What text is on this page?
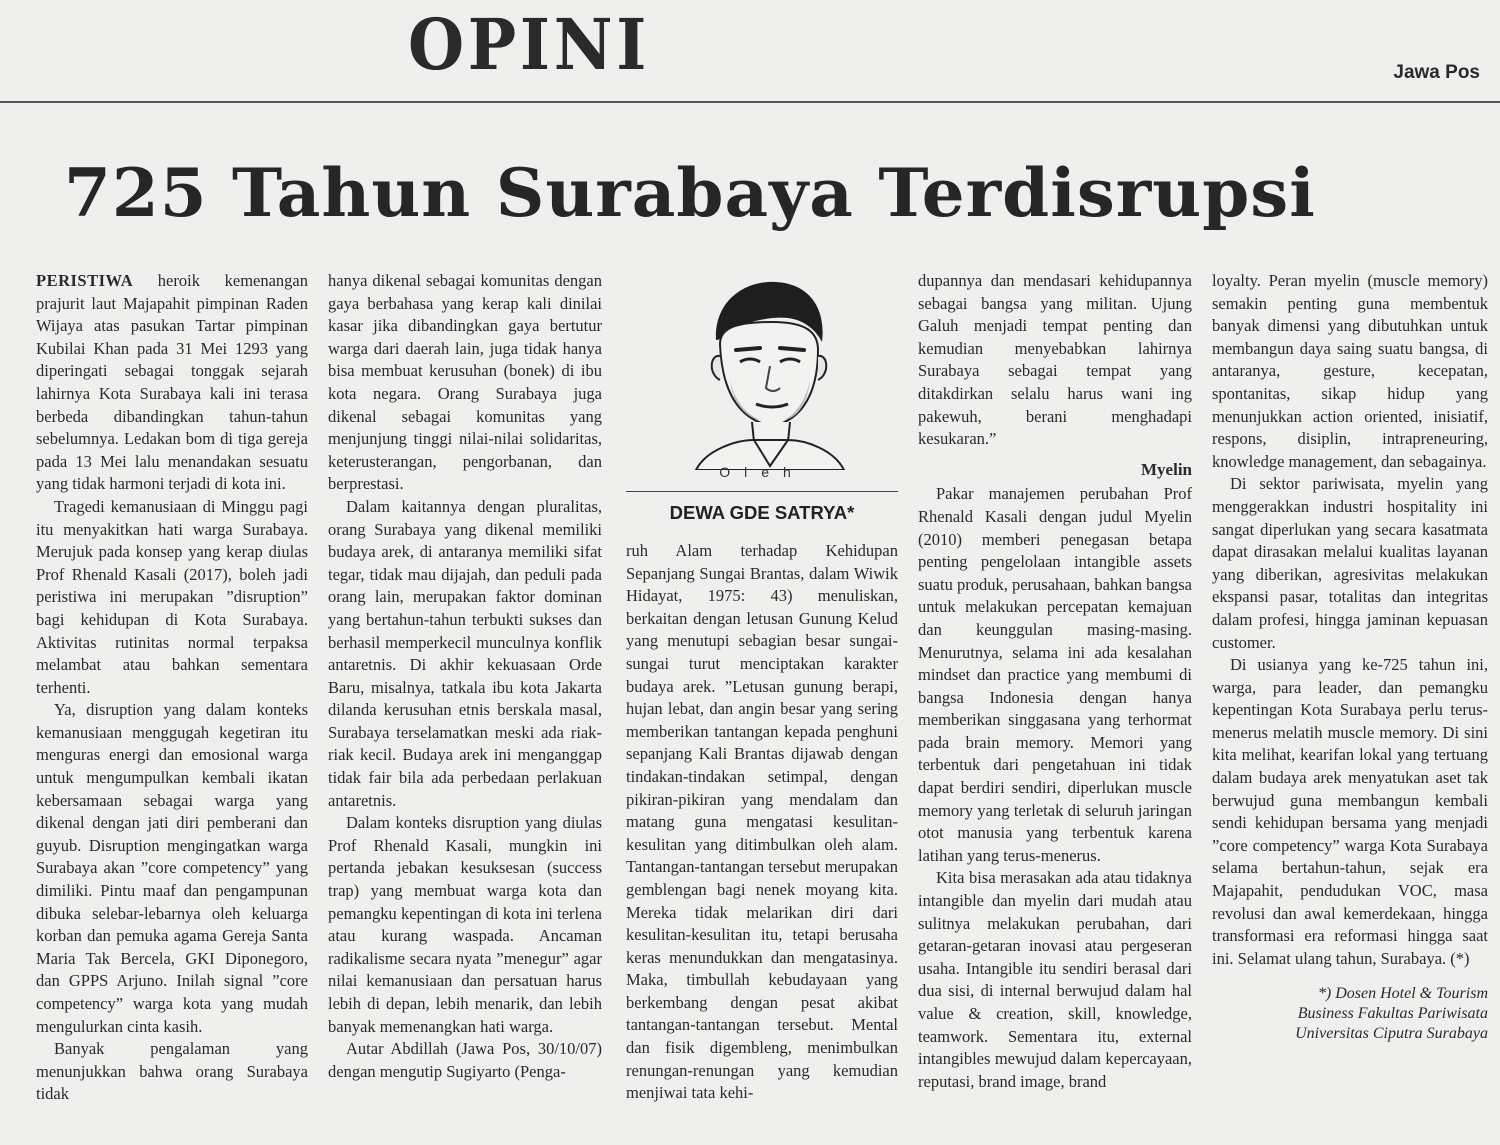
OPINI	Jawa Pos
725 Tahun Surabaya Terdisrupsi

PERISTIWA heroik kemenangan prajurit laut Majapahit pimpinan Raden Wijaya atas pasukan Tartar pimpinan Kubilai Khan pada 31 Mei 1293 yang diperingati sebagai tonggak sejarah lahirnya Kota Surabaya kali ini terasa berbeda dibandingkan tahun-tahun sebelumnya. Ledakan bom di tiga gereja pada 13 Mei lalu menandakan sesuatu yang tidak harmoni terjadi di kota ini.

Tragedi kemanusiaan di Minggu pagi itu menyakitkan hati warga Surabaya. Merujuk pada konsep yang kerap diulas Prof Rhenald Kasali (2017), boleh jadi peristiwa ini merupakan ”disruption” bagi kehidupan di Kota Surabaya. Aktivitas rutinitas normal terpaksa melambat atau bahkan sementara terhenti.

Ya, disruption yang dalam konteks kemanusiaan menggugah kegetiran itu menguras energi dan emosional warga untuk mengumpulkan kembali ikatan kebersamaan sebagai warga yang dikenal dengan jati diri pemberani dan guyub. Disruption mengingatkan warga Surabaya akan ”core competency” yang dimiliki. Pintu maaf dan pengampunan dibuka selebar-lebarnya oleh keluarga korban dan pemuka agama Gereja Santa Maria Tak Bercela, GKI Diponegoro, dan GPPS Arjuno. Inilah signal ”core competency” warga kota yang mudah mengulurkan cinta kasih.

Banyak pengalaman yang menunjukkan bahwa orang Surabaya tidak

hanya dikenal sebagai komunitas dengan gaya berbahasa yang kerap kali dinilai kasar jika dibandingkan gaya bertutur warga dari daerah lain, juga tidak hanya bisa membuat kerusuhan (bonek) di ibu kota negara. Orang Surabaya juga dikenal sebagai komunitas yang menjunjung tinggi nilai-nilai solidaritas, keterusterangan, pengorbanan, dan berprestasi.

Dalam kaitannya dengan pluralitas, orang Surabaya yang dikenal memiliki budaya arek, di antaranya memiliki sifat tegar, tidak mau dijajah, dan peduli pada orang lain, merupakan faktor dominan yang bertahun-tahun terbukti sukses dan berhasil memperkecil munculnya konflik antaretnis. Di akhir kekuasaan Orde Baru, misalnya, tatkala ibu kota Jakarta dilanda kerusuhan etnis berskala masal, Surabaya terselamatkan meski ada riak-riak kecil. Budaya arek ini menganggap tidak fair bila ada perbedaan perlakuan antaretnis.

Dalam konteks disruption yang diulas Prof Rhenald Kasali, mungkin ini pertanda jebakan kesuksesan (success trap) yang membuat warga kota dan pemangku kepentingan di kota ini terlena atau kurang waspada. Ancaman radikalisme secara nyata ”menegur” agar nilai kemanusiaan dan persatuan harus lebih di depan, lebih menarik, dan lebih banyak memenangkan hati warga.

Autar Abdillah (Jawa Pos, 30/10/07) dengan mengutip Sugiyarto (Penga-

Oleh
DEWA GDE SATRYA*

ruh Alam terhadap Kehidupan Sepanjang Sungai Brantas, dalam Wiwik Hidayat, 1975: 43) menuliskan, berkaitan dengan letusan Gunung Kelud yang menutupi sebagian besar sungai-sungai turut menciptakan karakter budaya arek. ”Letusan gunung berapi, hujan lebat, dan angin besar yang sering memberikan tantangan kepada penghuni sepanjang Kali Brantas dijawab dengan tindakan-tindakan setimpal, dengan pikiran-pikiran yang mendalam dan matang guna mengatasi kesulitan-kesulitan yang ditimbulkan oleh alam. Tantangan-tantangan tersebut merupakan gemblengan bagi nenek moyang kita. Mereka tidak melarikan diri dari kesulitan-kesulitan itu, tetapi berusaha keras menundukkan dan mengatasinya. Maka, timbullah kebudayaan yang berkembang dengan pesat akibat tantangan-tantangan tersebut. Mental dan fisik digembleng, menimbulkan renungan-renungan yang kemudian menjiwai tata kehi-

dupannya dan mendasari kehidupannya sebagai bangsa yang militan. Ujung Galuh menjadi tempat penting dan kemudian menyebabkan lahirnya Surabaya sebagai tempat yang ditakdirkan selalu harus wani ing pakewuh, berani menghadapi kesukaran.”

Myelin

Pakar manajemen perubahan Prof Rhenald Kasali dengan judul Myelin (2010) memberi penegasan betapa penting pengelolaan intangible assets suatu produk, perusahaan, bahkan bangsa untuk melakukan percepatan kemajuan dan keunggulan masing-masing. Menurutnya, selama ini ada kesalahan mindset dan practice yang membumi di bangsa Indonesia dengan hanya memberikan singgasana yang terhormat pada brain memory. Memori yang terbentuk dari pengetahuan ini tidak dapat berdiri sendiri, diperlukan muscle memory yang terletak di seluruh jaringan otot manusia yang terbentuk karena latihan yang terus-menerus.

Kita bisa merasakan ada atau tidaknya intangible dan myelin dari mudah atau sulitnya melakukan perubahan, dari getaran-getaran inovasi atau pergeseran usaha. Intangible itu sendiri berasal dari dua sisi, di internal berwujud dalam hal value & creation, skill, knowledge, teamwork. Sementara itu, external intangibles mewujud dalam kepercayaan, reputasi, brand image, brand

loyalty. Peran myelin (muscle memory) semakin penting guna membentuk banyak dimensi yang dibutuhkan untuk membangun daya saing suatu bangsa, di antaranya, gesture, kecepatan, spontanitas, sikap hidup yang menunjukkan action oriented, inisiatif, respons, disiplin, intrapreneuring, knowledge management, dan sebagainya.

Di sektor pariwisata, myelin yang menggerakkan industri hospitality ini sangat diperlukan yang secara kasatmata dapat dirasakan melalui kualitas layanan yang diberikan, agresivitas melakukan ekspansi pasar, totalitas dan integritas dalam profesi, hingga jaminan kepuasan customer.

Di usianya yang ke-725 tahun ini, warga, para leader, dan pemangku kepentingan Kota Surabaya perlu terus-menerus melatih muscle memory. Di sini kita melihat, kearifan lokal yang tertuang dalam budaya arek menyatukan aset tak berwujud guna membangun kembali sendi kehidupan bersama yang menjadi ”core competency” warga Kota Surabaya selama bertahun-tahun, sejak era Majapahit, pendudukan VOC, masa revolusi dan awal kemerdekaan, hingga transformasi era reformasi hingga saat ini. Selamat ulang tahun, Surabaya. (*)

*) Dosen Hotel & Tourism
Business Fakultas Pariwisata
Universitas Ciputra Surabaya
